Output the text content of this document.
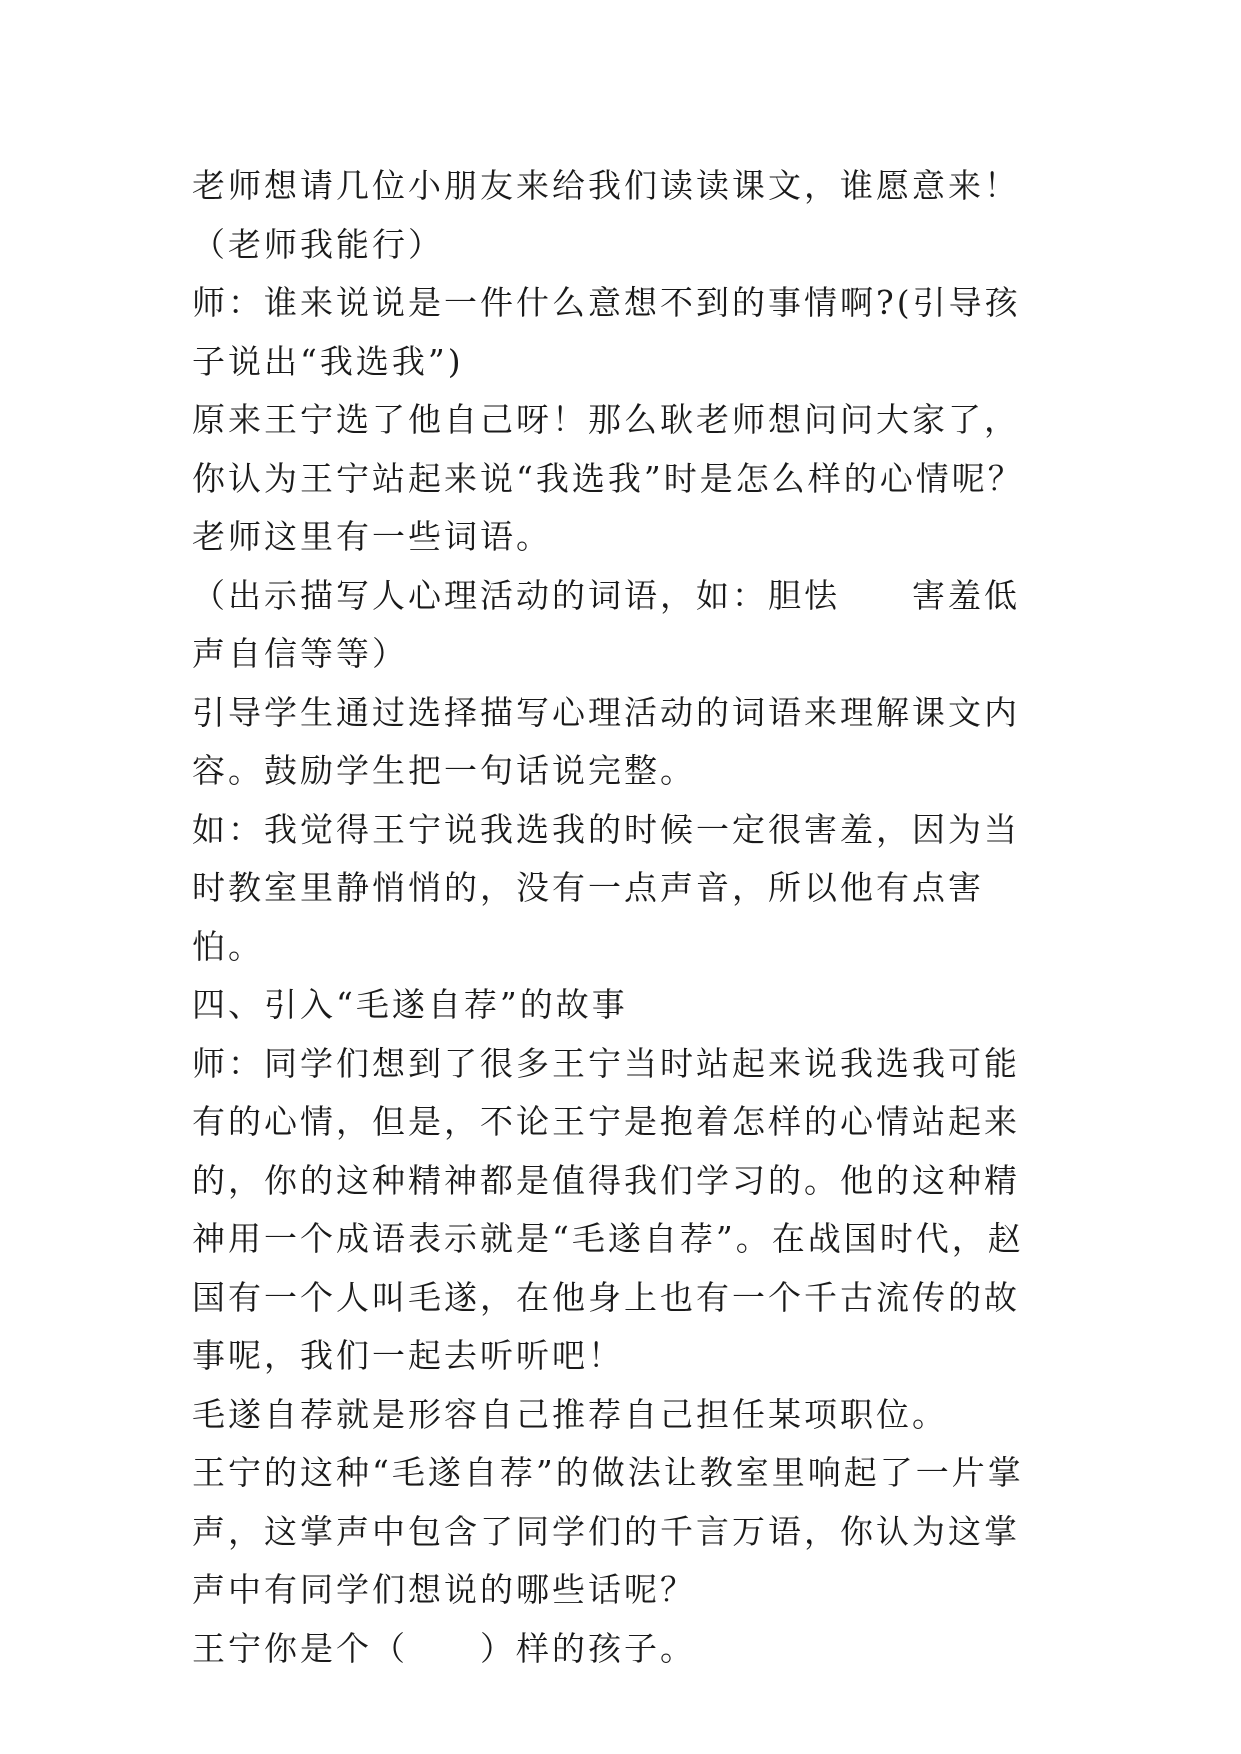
老师想请几位小朋友来给我们读读课文，谁愿意来！（老师我能行）

师：谁来说说是一件什么意想不到的事情啊?(引导孩子说出“我选我”)

原来王宁选了他自己呀！那么耿老师想问问大家了，你认为王宁站起来说“我选我”时是怎么样的心情呢？老师这里有一些词语。

（出示描写人心理活动的词语，如：胆怯　　害羞低声自信等等）

引导学生通过选择描写心理活动的词语来理解课文内容。鼓励学生把一句话说完整。

如：我觉得王宁说我选我的时候一定很害羞，因为当时教室里静悄悄的，没有一点声音，所以他有点害怕。

四、引入“毛遂自荐”的故事

师：同学们想到了很多王宁当时站起来说我选我可能有的心情，但是，不论王宁是抱着怎样的心情站起来的，你的这种精神都是值得我们学习的。他的这种精神用一个成语表示就是“毛遂自荐”。在战国时代，赵国有一个人叫毛遂，在他身上也有一个千古流传的故事呢，我们一起去听听吧！

毛遂自荐就是形容自己推荐自己担任某项职位。

王宁的这种“毛遂自荐”的做法让教室里响起了一片掌声，这掌声中包含了同学们的千言万语，你认为这掌声中有同学们想说的哪些话呢？

王宁你是个（　　）样的孩子。
